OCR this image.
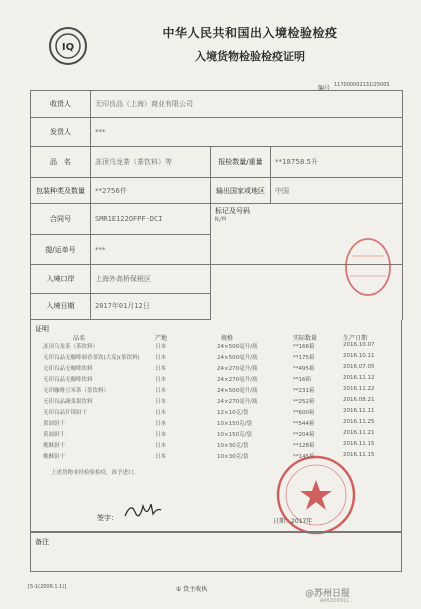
IQ
中华人民共和国出入境检验检疫
入境货物检验检疫证明
编号 117000002131I2500S
收货人	无印良品（上海）商业有限公司		
发货人	***		
品　名	冻顶乌龙茶（茶饮料）等	报检数量/重量	**18758.5升
包装种类及数量	**2756件	输出国家或地区	中国
合同号	SMR1E122OFPF-DCI	标记及号码
N/M	

提/运单号	***		
入境口岸	上海外高桥保税区		
入境日期	2017年01月12日		
证明
品名	产地	规格	实际数量	生产日期
冻顶乌龙茶（茶饮料）	日本	24×500毫升/瓶	**166箱	2016.10.07
无印良品无咖啡调香茶饮(大麦)(茶饮料)	日本	24×500毫升/瓶	**175箱	2016.10.11
无印良品无咖啡饮料	日本	24×270毫升/瓶	**495箱	2016.07.05
无印良品无咖啡饮料	日本	24×270毫升/瓶	**16箱	2016.11.12
无印咖啡豆米茶（茶饮料）	日本	24×500毫升/瓶	**231箱	2016.11.22
无印良品蔬菜果饮料	日本	24×270毫升/瓶	**252箱	2016.08.21
无印良品什锦饼干	日本	12×10克/袋	**600箱	2016.11.11
黄油饼干	日本	10×150克/袋	**544箱	2016.11.25
黄油饼干	日本	10×150克/袋	**204箱	2016.11.21
桃酥饼干	日本	10×30克/袋	**128箱	2016.11.15
桃酥饼干	日本	10×30克/袋	**145箱	2016.11.15
上述货物业经检验检疫，准予进口。
签字：	日期：2017年
备注
[5-1(2006.1.1)]	① 货主收执	@苏州日报
AA5300911
